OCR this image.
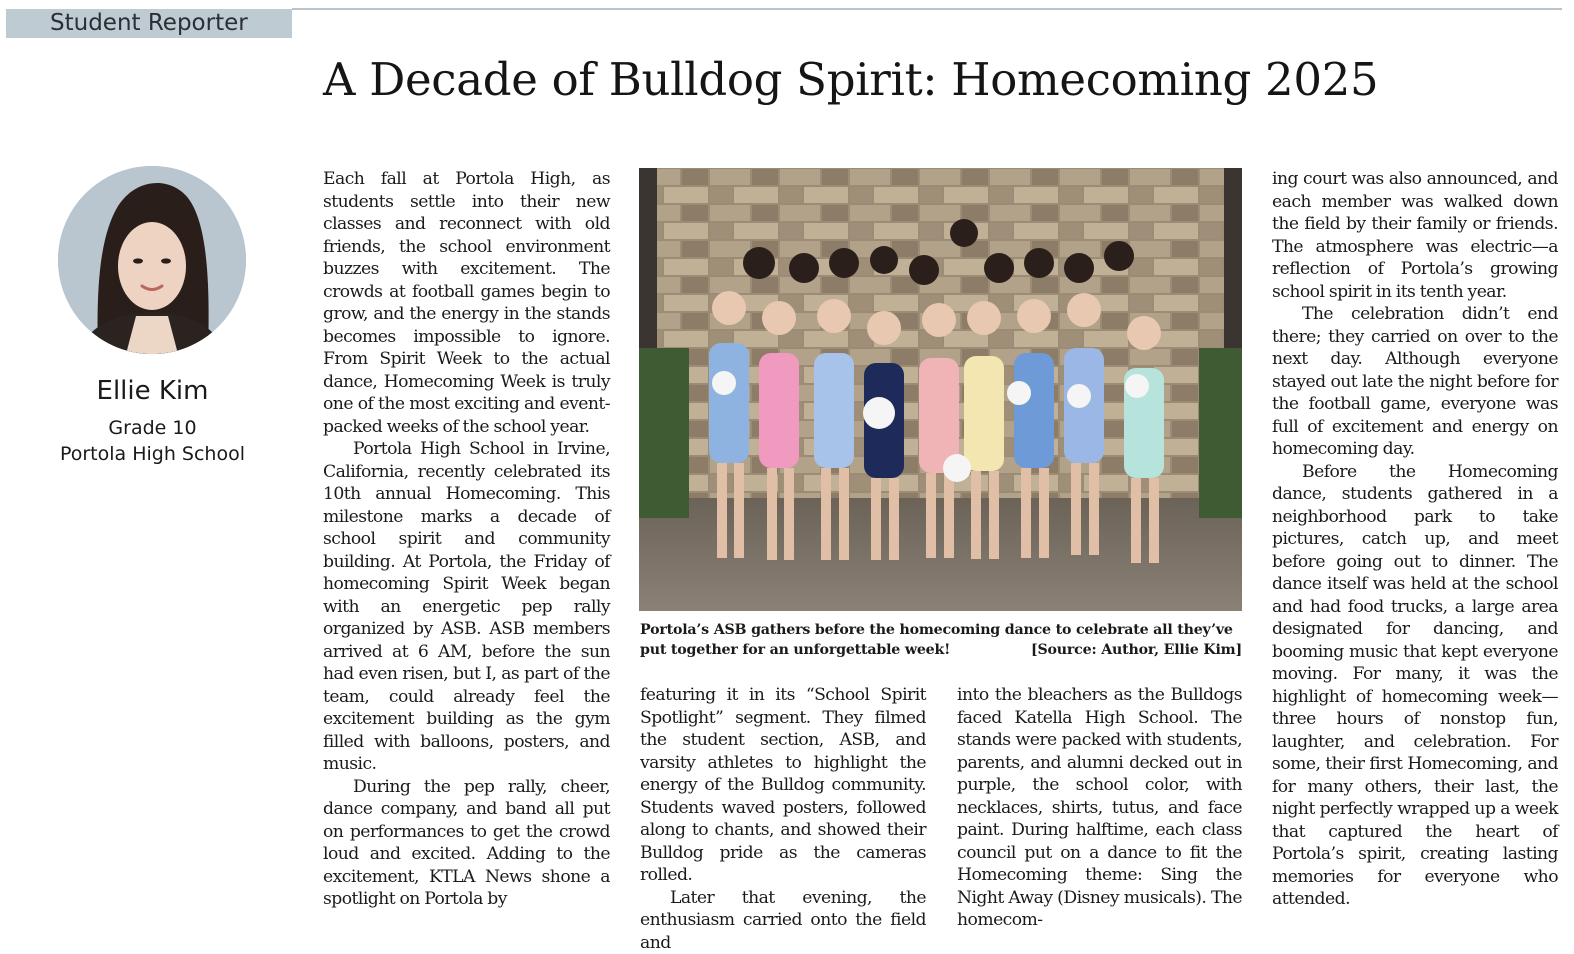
Student Reporter
A Decade of Bulldog Spirit: Homecoming 2025
Ellie Kim
Grade 10
Portola High School

Each fall at Portola High, as students settle into their new classes and reconnect with old friends, the school environment buzzes with excitement. The crowds at football games begin to grow, and the energy in the stands becomes impossible to ignore. From Spirit Week to the actual dance, Homecoming Week is truly one of the most exciting and event-packed weeks of the school year.

Portola High School in Irvine, California, recently celebrated its 10th annual Homecoming. This milestone marks a decade of school spirit and community building. At Portola, the Friday of homecoming Spirit Week began with an energetic pep rally organized by ASB. ASB members arrived at 6 AM, before the sun had even risen, but I, as part of the team, could already feel the excitement building as the gym filled with balloons, posters, and music.

During the pep rally, cheer, dance company, and band all put on performances to get the crowd loud and excited. Adding to the excitement, KTLA News shone a spotlight on Portola by

Portola’s ASB gathers before the homecoming dance to celebrate all they’ve
put together for an unforgettable week!	[Source: Author, Ellie Kim]

featuring it in its “School Spirit Spotlight” segment. They filmed the student section, ASB, and varsity athletes to highlight the energy of the Bulldog community. Students waved posters, followed along to chants, and showed their Bulldog pride as the cameras rolled.

Later that evening, the enthusiasm carried onto the field and

into the bleachers as the Bulldogs faced Katella High School. The stands were packed with students, parents, and alumni decked out in purple, the school color, with necklaces, shirts, tutus, and face paint. During halftime, each class council put on a dance to fit the Homecoming theme: Sing the Night Away (Disney musicals). The homecom-

ing court was also announced, and each member was walked down the field by their family or friends. The atmosphere was electric—a reflection of Portola’s growing school spirit in its tenth year.

The celebration didn’t end there; they carried on over to the next day. Although everyone stayed out late the night before for the football game, everyone was full of excitement and energy on homecoming day.

Before the Homecoming dance, students gathered in a neighborhood park to take pictures, catch up, and meet before going out to dinner. The dance itself was held at the school and had food trucks, a large area designated for dancing, and booming music that kept everyone moving. For many, it was the highlight of homecoming week—three hours of nonstop fun, laughter, and celebration. For some, their first Homecoming, and for many others, their last, the night perfectly wrapped up a week that captured the heart of Portola’s spirit, creating lasting memories for everyone who attended.
